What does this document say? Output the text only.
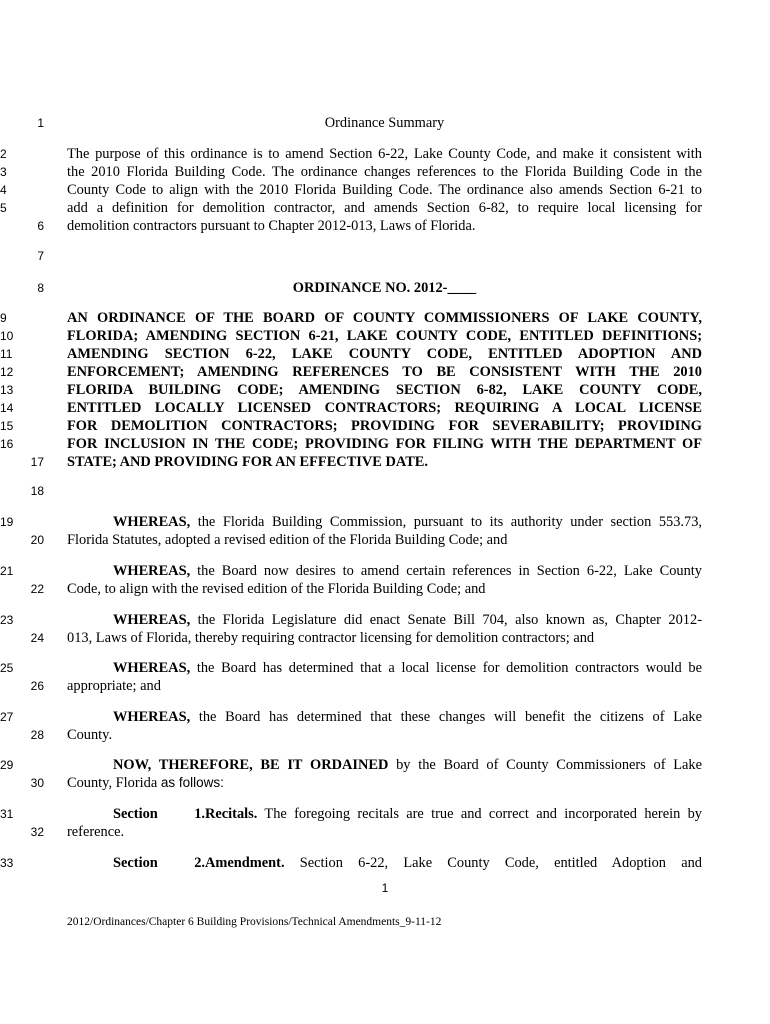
1	Ordinance Summary
2	The purpose of this ordinance is to amend Section 6-22, Lake County Code, and make it consistent with
3	the 2010 Florida Building Code. The ordinance changes references to the Florida Building Code in the
4	County Code to align with the 2010 Florida Building Code. The ordinance also amends Section 6-21 to
5	add a definition for demolition contractor, and amends Section 6-82, to require local licensing for
6 demolition contractors pursuant to Chapter 2012-013, Laws of Florida.
7
8	ORDINANCE NO. 2012-____
9	AN ORDINANCE OF THE BOARD OF COUNTY COMMISSIONERS OF LAKE COUNTY,
10	FLORIDA; AMENDING SECTION 6-21, LAKE COUNTY CODE, ENTITLED DEFINITIONS;
11	AMENDING SECTION 6-22, LAKE COUNTY CODE, ENTITLED ADOPTION AND
12	ENFORCEMENT; AMENDING REFERENCES TO BE CONSISTENT WITH THE 2010
13	FLORIDA BUILDING CODE; AMENDING SECTION 6-82, LAKE COUNTY CODE,
14	ENTITLED LOCALLY LICENSED CONTRACTORS; REQUIRING A LOCAL LICENSE
15	FOR DEMOLITION CONTRACTORS; PROVIDING FOR SEVERABILITY; PROVIDING
16	FOR INCLUSION IN THE CODE; PROVIDING FOR FILING WITH THE DEPARTMENT OF
17 STATE; AND PROVIDING FOR AN EFFECTIVE DATE.
18
19	WHEREAS, the Florida Building Commission, pursuant to its authority under section 553.73,
20 Florida Statutes, adopted a revised edition of the Florida Building Code; and
21	WHEREAS, the Board now desires to amend certain references in Section 6-22, Lake County
22 Code, to align with the revised edition of the Florida Building Code; and
23	WHEREAS, the Florida Legislature did enact Senate Bill 704, also known as, Chapter 2012-
24 013, Laws of Florida, thereby requiring contractor licensing for demolition contractors; and
25	WHEREAS, the Board has determined that a local license for demolition contractors would be
26 appropriate; and
27	WHEREAS, the Board has determined that these changes will benefit the citizens of Lake
28 County.
29	NOW, THEREFORE, BE IT ORDAINED by the Board of County Commissioners of Lake
30 County, Florida as follows:
31	Section 1.Recitals. The foregoing recitals are true and correct and incorporated herein by
32 reference.
33	Section 2.Amendment. Section 6-22, Lake County Code, entitled Adoption and
1
2012/Ordinances/Chapter 6 Building Provisions/Technical Amendments_9-11-12
